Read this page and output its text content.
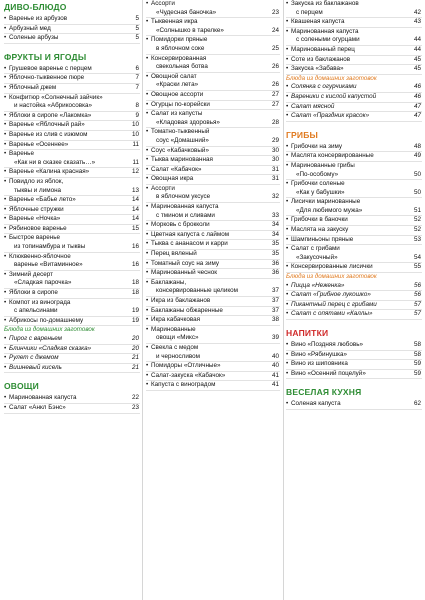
ДИВО-БЛЮДО
• Варенье из арбузов	5
• Арбузный мед	5
• Соленые арбузы	5
ФРУКТЫ И ЯГОДЫ
• Грушевое варенье с перцем	6
• Яблочно-тыквенное пюре	7
• Яблочный джем	7
• Конфитюр «Солнечный зайчик»
и настойка «Абрикосовка»	8
• Яблоки в сиропе «Лакомка»	9
• Варенье «Яблочный рай»	10
• Варенье из слив с изюмом	10
• Варенье «Осеннее»	11
• Варенье
«Как ни в сказке сказать…»	11
• Варенье «Калина красная»	12
• Повидло из яблок,
тыквы и лимона	13
• Варенье «Бабье лето»	14
• Яблочные стружки	14
• Варенье «Ночка»	14
• Рябиновое варенье	15
• Быстрое варенье
из топинамбура и тыквы	16
• Клюквенно-яблочное
варенье «Витаминное»	16
• Зимний десерт
«Сладкая парочка»	18
• Яблоки в сиропе	18
• Компот из винограда
с апельсинами	19
• Абрикосы по-домашнему	19
Блюда из домашних заготовок
• Пирог с вареньем	20
• Блинчики «Сладкая сказка»	20
• Рулет с джемом	21
• Вишневый кисель	21
ОВОЩИ
• Маринованная капуста	22
• Салат «Анкл Бэнс»	23
• Ассорти
«Чудесная баночка»	23
• Тыквенная икра
«Солнышко в тарелке»	24
• Помидорки пряные
в яблочном соке	25
• Консервированная
свекольная ботва	26
• Овощной салат
«Краски лета»	26
• Овощное ассорти	27
• Огурцы по-корейски	27
• Салат из капусты
«Кладовая здоровья»	28
• Томатно-тыквенный
соус «Домашний»	29
• Соус «Кабачковый»	30
• Тыква маринованная	30
• Салат «Кабачок»	31
• Овощная икра	31
• Ассорти
в яблочном уксусе	32
• Маринованная капуста
с тмином и сливами	33
• Морковь с брокколи	34
• Цветная капуста с лаймом	34
• Тыква с ананасом и карри	35
• Перец вяленый	35
• Томатный соус на зиму	36
• Маринованный чеснок	36
• Баклажаны,
консервированные целиком	37
• Икра из баклажанов	37
• Баклажаны обжаренные	37
• Икра кабачковая	38
• Маринованные
овощи «Микс»	39
• Свекла с медом
и черносливом	40
• Помидоры «Отличные»	40
• Салат-закуска «Кабачок»	41
• Капуста с виноградом	41
• Закуска из баклажанов
с перцем	42
• Квашеная капуста	43
• Маринованная капуста
с солеными огурцами	44
• Маринованный перец	44
• Соте из баклажанов	45
• Закуска «Забава»	45
Блюда из домашних заготовок
• Солянка с огурчиками	46
• Вареники с кислой капустой	46
• Салат мясной	47
• Салат «Праздник красок»	47
ГРИБЫ
• Грибочки на зиму	48
• Маслята консервированные	49
• Маринованные грибы
«По-особому»	50
• Грибочки соленые
«Как у бабушки»	50
• Лисички маринованные
«Для любимого мужа»	51
• Грибочки в баночки	52
• Маслята на закуску	52
• Шампиньоны пряные	53
• Салат с грибами
«Закусочный»	54
• Консервированные лисички	55
Блюда из домашних заготовок
• Пицца «Неженка»	56
• Салат «Грибное лукошко»	56
• Пикантный перец с грибами	57
• Салат с опятами «Каллы»	57
НАПИТКИ
• Вино «Поздняя любовь»	58
• Вино «Рябинушка»	58
• Вино из шиповника	59
• Вино «Осенний поцелуй»	59
ВЕСЕЛАЯ КУХНЯ
• Соленая капуста	62
